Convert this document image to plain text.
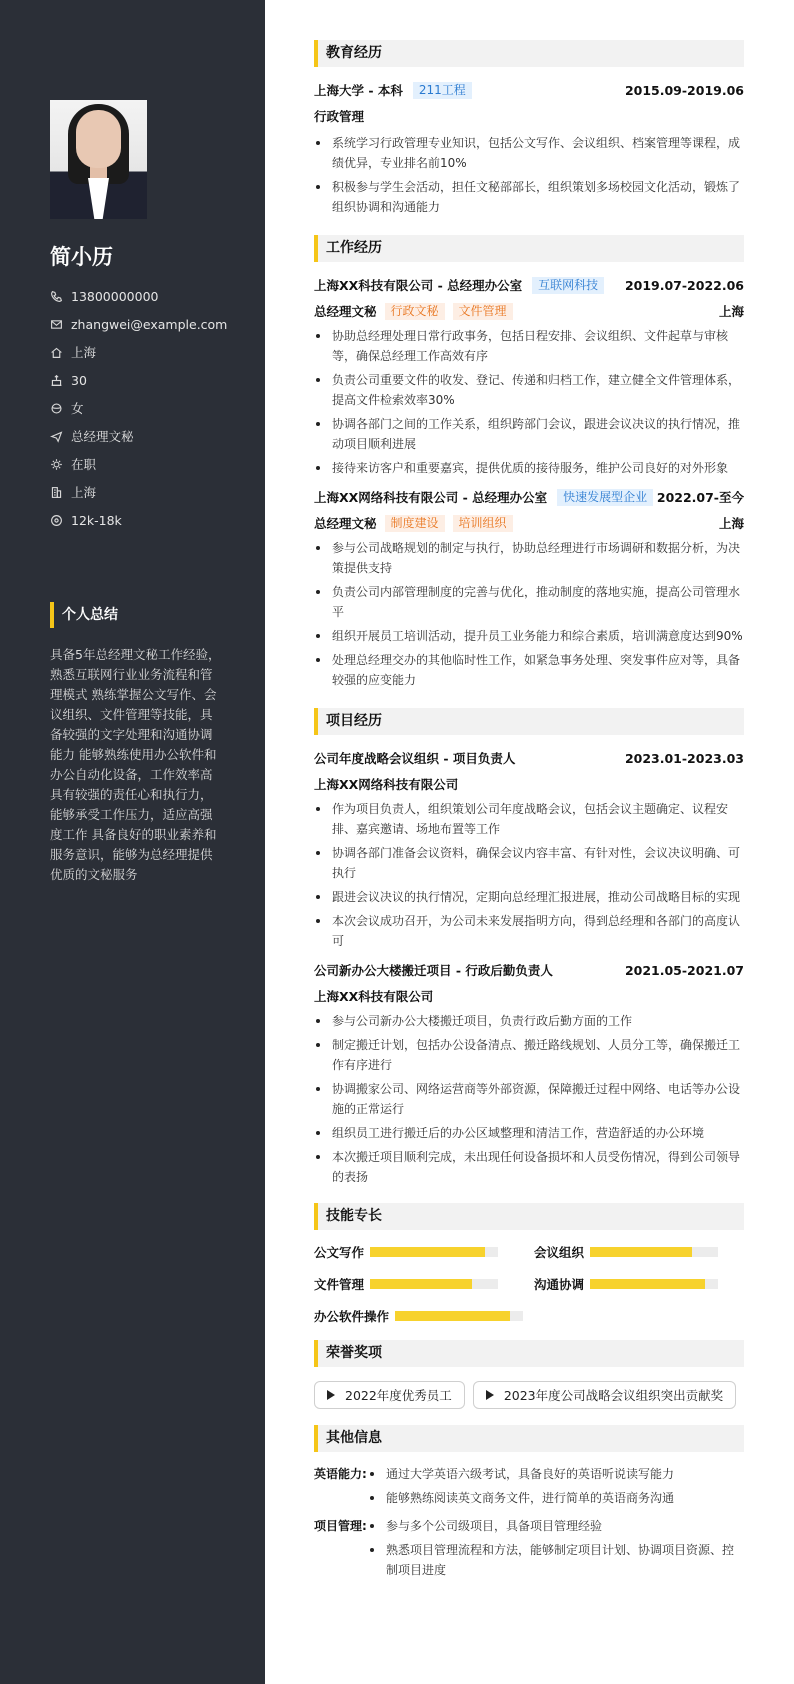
简小历
13800000000
zhangwei@example.com
上海
30
女
总经理文秘
在职
上海
12k-18k
个人总结
具备5年总经理文秘工作经验，熟悉互联网行业业务流程和管理模式 熟练掌握公文写作、会议组织、文件管理等技能，具备较强的文字处理和沟通协调能力 能够熟练使用办公软件和办公自动化设备，工作效率高 具有较强的责任心和执行力，能够承受工作压力，适应高强度工作 具备良好的职业素养和服务意识，能够为总经理提供优质的文秘服务
教育经历
上海大学 - 本科	211工程	2015.09-2019.06
行政管理
系统学习行政管理专业知识，包括公文写作、会议组织、档案管理等课程，成绩优异，专业排名前10%
积极参与学生会活动，担任文秘部部长，组织策划多场校园文化活动，锻炼了组织协调和沟通能力
工作经历
上海XX科技有限公司 - 总经理办公室	互联网科技	2019.07-2022.06
总经理文秘	行政文秘	文件管理	上海
协助总经理处理日常行政事务，包括日程安排、会议组织、文件起草与审核等，确保总经理工作高效有序
负责公司重要文件的收发、登记、传递和归档工作，建立健全文件管理体系，提高文件检索效率30%
协调各部门之间的工作关系，组织跨部门会议，跟进会议决议的执行情况，推动项目顺利进展
接待来访客户和重要嘉宾，提供优质的接待服务，维护公司良好的对外形象
上海XX网络科技有限公司 - 总经理办公室	快速发展型企业 2022.07-至今
总经理文秘	制度建设	培训组织	上海
参与公司战略规划的制定与执行，协助总经理进行市场调研和数据分析，为决策提供支持
负责公司内部管理制度的完善与优化，推动制度的落地实施，提高公司管理水平
组织开展员工培训活动，提升员工业务能力和综合素质，培训满意度达到90%
处理总经理交办的其他临时性工作，如紧急事务处理、突发事件应对等，具备较强的应变能力
项目经历
公司年度战略会议组织 - 项目负责人	2023.01-2023.03
上海XX网络科技有限公司
作为项目负责人，组织策划公司年度战略会议，包括会议主题确定、议程安排、嘉宾邀请、场地布置等工作
协调各部门准备会议资料，确保会议内容丰富、有针对性，会议决议明确、可执行
跟进会议决议的执行情况，定期向总经理汇报进展，推动公司战略目标的实现
本次会议成功召开，为公司未来发展指明方向，得到总经理和各部门的高度认可
公司新办公大楼搬迁项目 - 行政后勤负责人	2021.05-2021.07
上海XX科技有限公司
参与公司新办公大楼搬迁项目，负责行政后勤方面的工作
制定搬迁计划，包括办公设备清点、搬迁路线规划、人员分工等，确保搬迁工作有序进行
协调搬家公司、网络运营商等外部资源，保障搬迁过程中网络、电话等办公设施的正常运行
组织员工进行搬迁后的办公区域整理和清洁工作，营造舒适的办公环境
本次搬迁项目顺利完成，未出现任何设备损坏和人员受伤情况，得到公司领导的表扬
技能专长
公文写作	会议组织
文件管理	沟通协调
办公软件操作
荣誉奖项
2022年度优秀员工	2023年度公司战略会议组织突出贡献奖
其他信息
英语能力:	通过大学英语六级考试，具备良好的英语听说读写能力
能够熟练阅读英文商务文件，进行简单的英语商务沟通
项目管理:	参与多个公司级项目，具备项目管理经验
熟悉项目管理流程和方法，能够制定项目计划、协调项目资源、控制项目进度
